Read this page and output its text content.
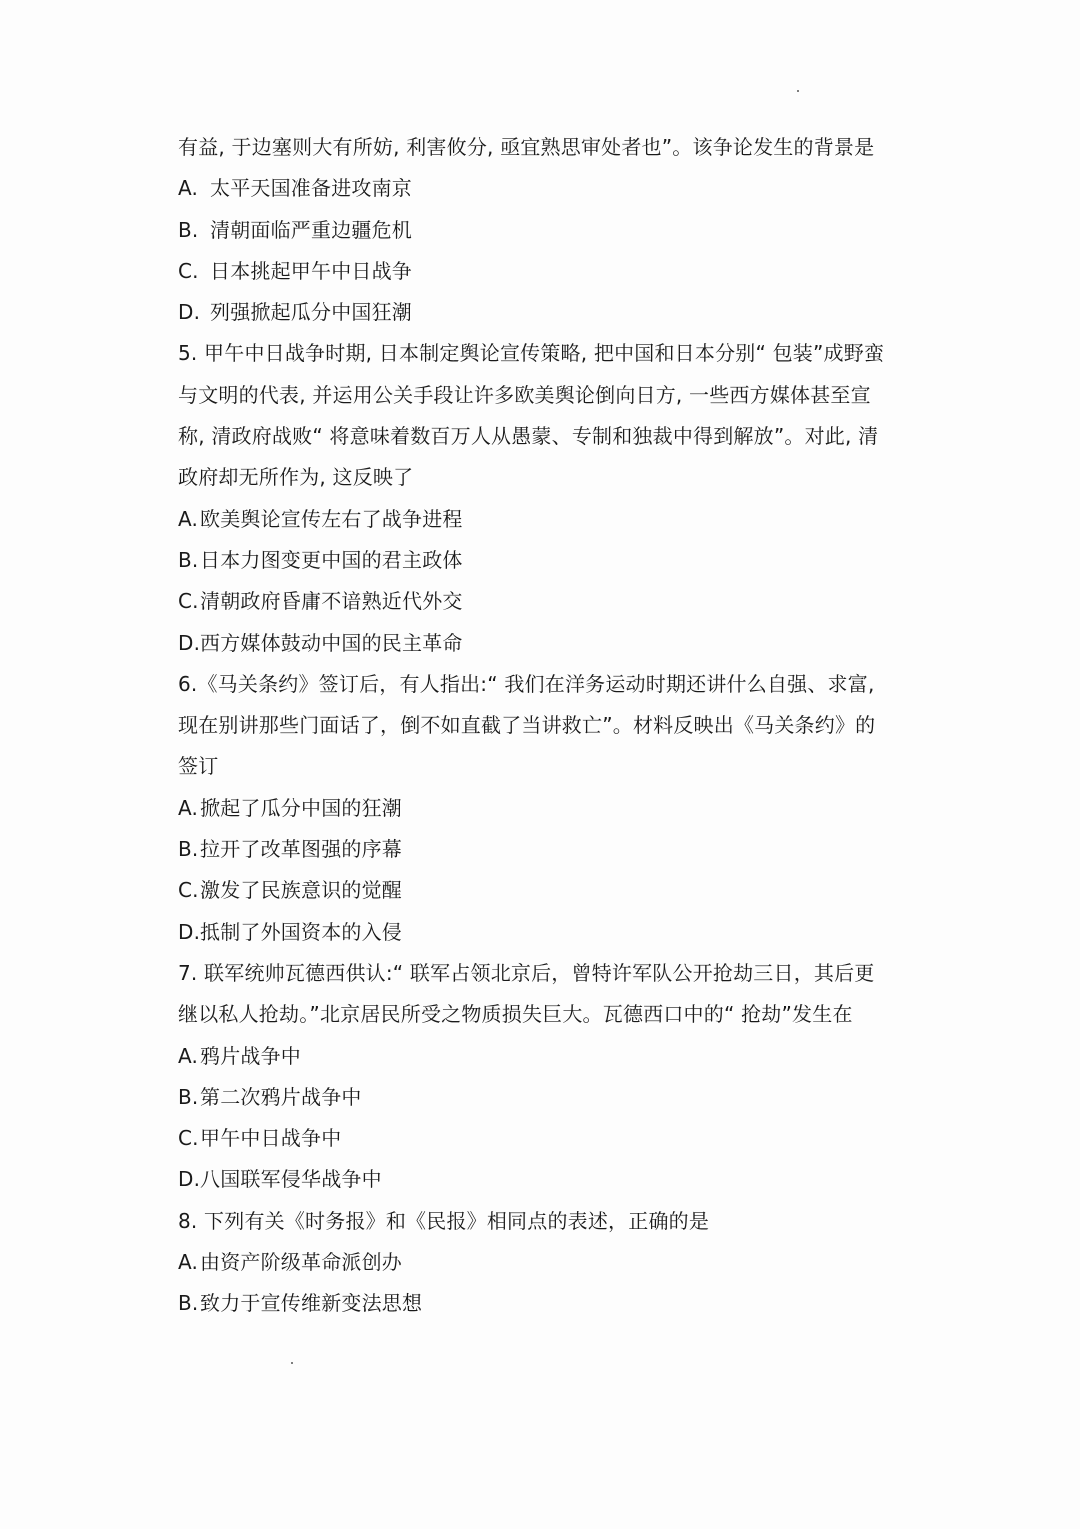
有益, 于边塞则大有所妨, 利害攸分, 亟宜熟思审处者也”。该争论发生的背景是
A. 太平天国准备进攻南京
B. 清朝面临严重边疆危机
C. 日本挑起甲午中日战争
D. 列强掀起瓜分中国狂潮
5. 甲午中日战争时期, 日本制定舆论宣传策略, 把中国和日本分别“ 包装”成野蛮
与文明的代表, 并运用公关手段让许多欧美舆论倒向日方, 一些西方媒体甚至宣
称, 清政府战败“ 将意味着数百万人从愚蒙、专制和独裁中得到解放”。对此, 清
政府却无所作为, 这反映了
A.欧美舆论宣传左右了战争进程
B.日本力图变更中国的君主政体
C.清朝政府昏庸不谙熟近代外交
D.西方媒体鼓动中国的民主革命
6.《马关条约》签订后，有人指出:“ 我们在洋务运动时期还讲什么自强、求富,
现在别讲那些门面话了，倒不如直截了当讲救亡”。材料反映出《马关条约》的
签订
A.掀起了瓜分中国的狂潮
B.拉开了改革图强的序幕
C.激发了民族意识的觉醒
D.抵制了外国资本的入侵
7. 联军统帅瓦德西供认:“ 联军占领北京后，曾特许军队公开抢劫三日，其后更
继以私人抢劫。”北京居民所受之物质损失巨大。瓦德西口中的“ 抢劫”发生在
A.鸦片战争中
B.第二次鸦片战争中
C.甲午中日战争中
D.八国联军侵华战争中
8. 下列有关《时务报》和《民报》相同点的表述，正确的是
A.由资产阶级革命派创办
B.致力于宣传维新变法思想
